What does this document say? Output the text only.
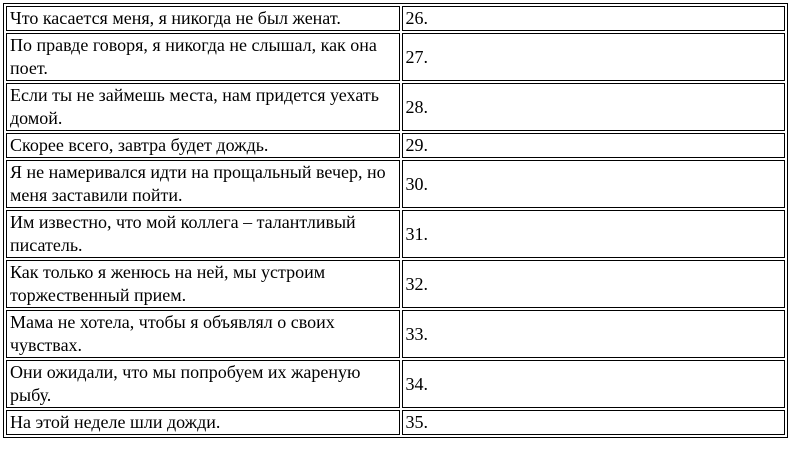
Что касается меня, я никогда не был женат.	26.
По правде говоря, я никогда не слышал, как она поет.	27.
Если ты не займешь места, нам придется уехать домой.	28.
Скорее всего, завтра будет дождь.	29.
Я не намеривался идти на прощальный вечер, но меня заставили пойти.	30.
Им известно, что мой коллега – талантливый писатель.	31.
Как только я женюсь на ней, мы устроим торжественный прием.	32.
Мама не хотела, чтобы я объявлял о своих чувствах.	33.
Они ожидали, что мы попробуем их жареную рыбу.	34.
На этой неделе шли дожди.	35.
